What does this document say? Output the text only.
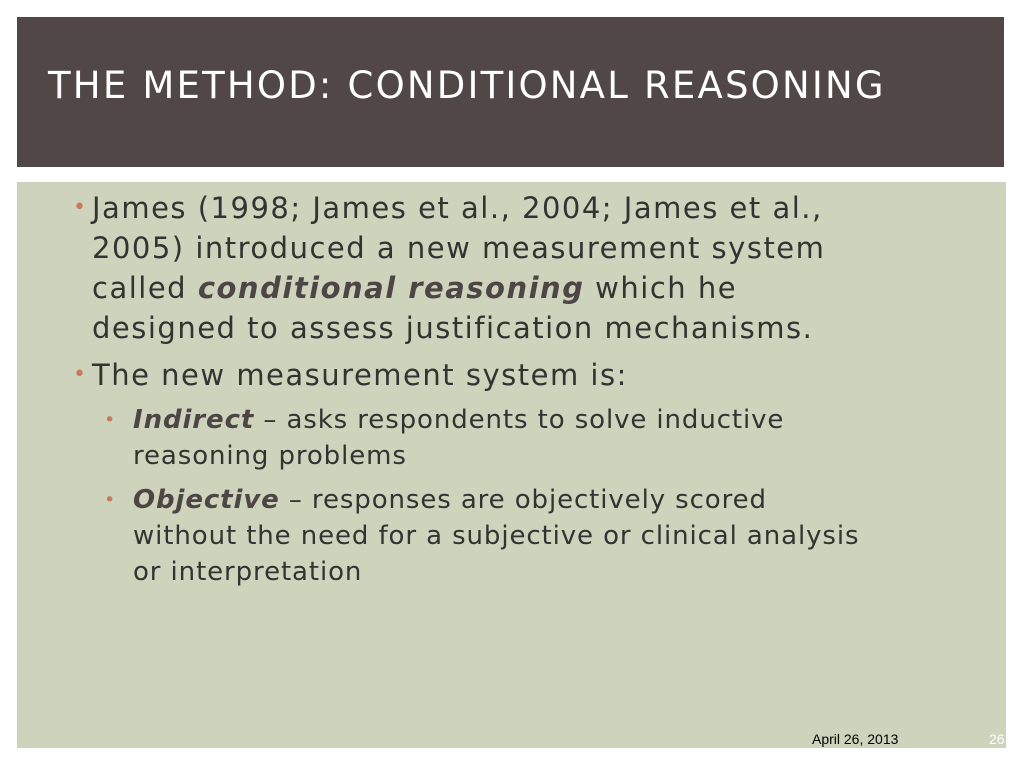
THE METHOD: CONDITIONAL REASONING
• James (1998; James et al., 2004; James et al., 2005) introduced a new measurement system called conditional reasoning which he designed to assess justification mechanisms.
• The new measurement system is:
• Indirect – asks respondents to solve inductive reasoning problems
• Objective – responses are objectively scored without the need for a subjective or clinical analysis or interpretation
April 26, 2013	26
